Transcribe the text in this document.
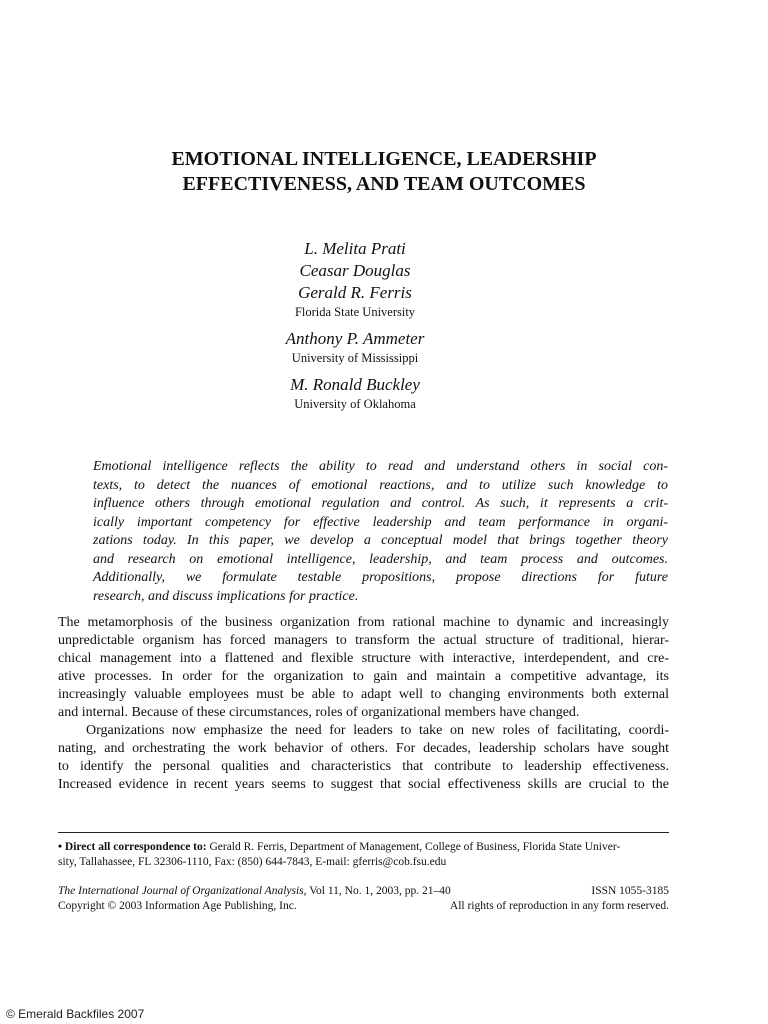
EMOTIONAL INTELLIGENCE, LEADERSHIP
EFFECTIVENESS, AND TEAM OUTCOMES
L. Melita Prati
Ceasar Douglas
Gerald R. Ferris
Florida State University
Anthony P. Ammeter
University of Mississippi
M. Ronald Buckley
University of Oklahoma
Emotional intelligence reflects the ability to read and understand others in social con-
texts, to detect the nuances of emotional reactions, and to utilize such knowledge to
influence others through emotional regulation and control. As such, it represents a crit-
ically important competency for effective leadership and team performance in organi-
zations today. In this paper, we develop a conceptual model that brings together theory
and research on emotional intelligence, leadership, and team process and outcomes.
Additionally, we formulate testable propositions, propose directions for future
research, and discuss implications for practice.
The metamorphosis of the business organization from rational machine to dynamic and increasingly
unpredictable organism has forced managers to transform the actual structure of traditional, hierar-
chical management into a flattened and flexible structure with interactive, interdependent, and cre-
ative processes. In order for the organization to gain and maintain a competitive advantage, its
increasingly valuable employees must be able to adapt well to changing environments both external
and internal. Because of these circumstances, roles of organizational members have changed.
Organizations now emphasize the need for leaders to take on new roles of facilitating, coordi-
nating, and orchestrating the work behavior of others. For decades, leadership scholars have sought
to identify the personal qualities and characteristics that contribute to leadership effectiveness.
Increased evidence in recent years seems to suggest that social effectiveness skills are crucial to the
• Direct all correspondence to: Gerald R. Ferris, Department of Management, College of Business, Florida State Univer-
sity, Tallahassee, FL 32306-1110, Fax: (850) 644-7843, E-mail: gferris@cob.fsu.edu
The International Journal of Organizational Analysis, Vol 11, No. 1, 2003, pp. 21–40	ISSN 1055-3185
Copyright © 2003 Information Age Publishing, Inc.	All rights of reproduction in any form reserved.
© Emerald Backfiles 2007
